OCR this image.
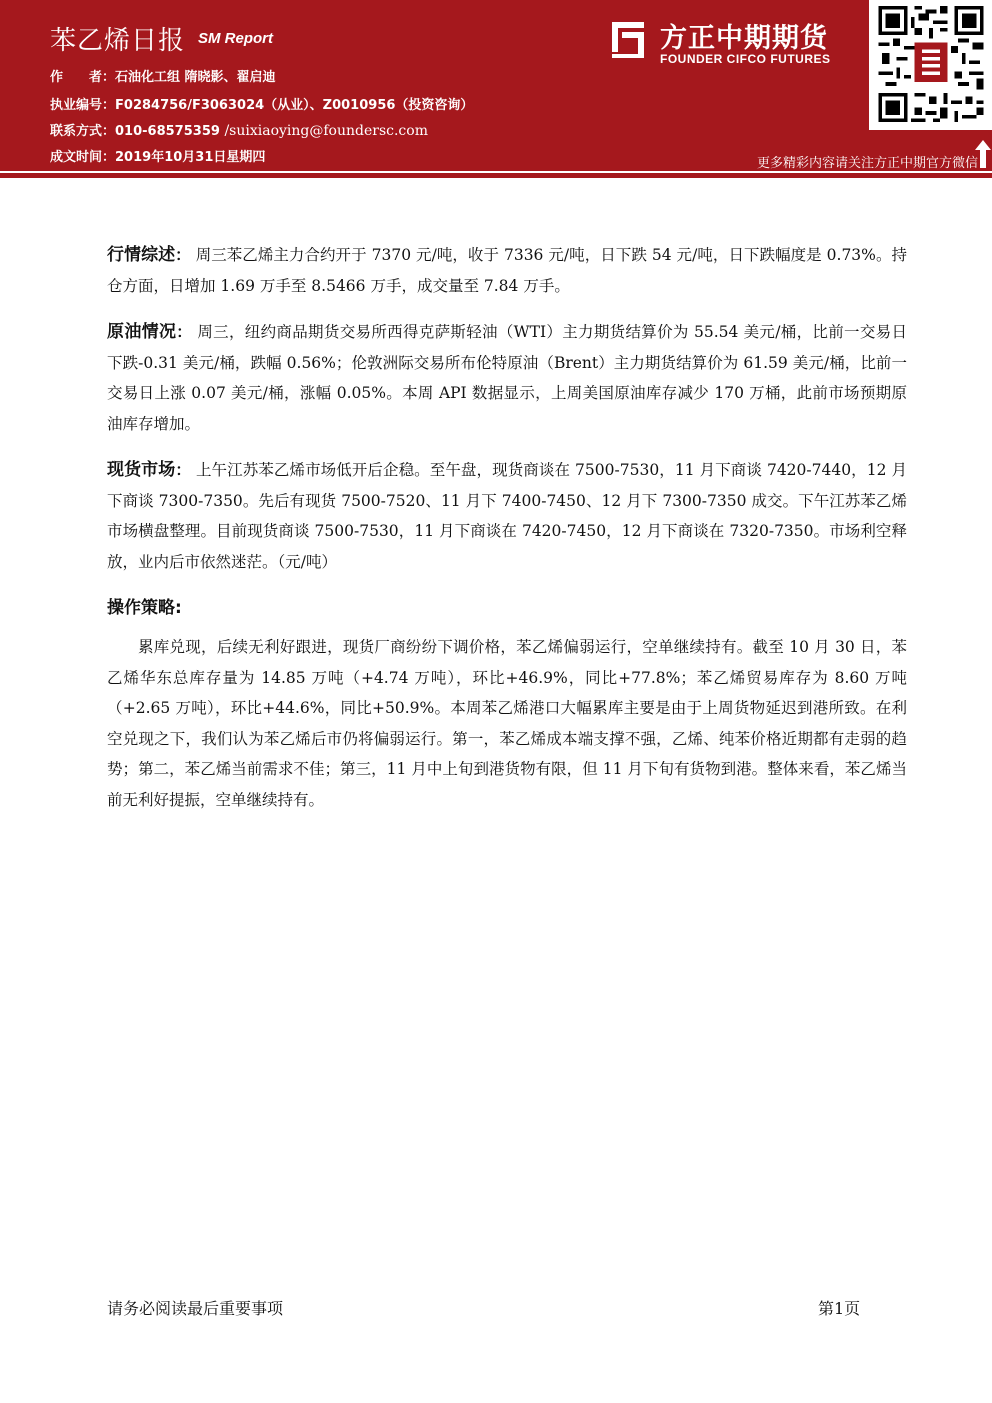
苯乙烯日报 SM Report
作　　者：石油化工组 隋晓影、翟启迪
执业编号：F0284756/F3063024（从业）、Z0010956（投资咨询）
联系方式：010-68575359 /suixiaoying@foundersc.com
成文时间：2019年10月31日星期四
方正中期期货
FOUNDER CIFCO FUTURES
更多精彩内容请关注方正中期官方微信

行情综述： 周三苯乙烯主力合约开于 7370 元/吨，收于 7336 元/吨，日下跌 54 元/吨，日下跌幅度是 0.73%。持仓方面，日增加 1.69 万手至 8.5466 万手，成交量至 7.84 万手。

原油情况： 周三，纽约商品期货交易所西得克萨斯轻油（WTI）主力期货结算价为 55.54 美元/桶，比前一交易日下跌-0.31 美元/桶，跌幅 0.56%；伦敦洲际交易所布伦特原油（Brent）主力期货结算价为 61.59 美元/桶，比前一交易日上涨 0.07 美元/桶，涨幅 0.05%。本周 API 数据显示，上周美国原油库存减少 170 万桶，此前市场预期原油库存增加。

现货市场： 上午江苏苯乙烯市场低开后企稳。至午盘，现货商谈在 7500-7530，11 月下商谈 7420-7440，12 月下商谈 7300-7350。先后有现货 7500-7520、11 月下 7400-7450、12 月下 7300-7350 成交。下午江苏苯乙烯市场横盘整理。目前现货商谈 7500-7530，11 月下商谈在 7420-7450，12 月下商谈在 7320-7350。市场利空释放，业内后市依然迷茫。（元/吨）

操作策略:

累库兑现，后续无利好跟进，现货厂商纷纷下调价格，苯乙烯偏弱运行，空单继续持有。截至 10 月 30 日，苯乙烯华东总库存量为 14.85 万吨（+4.74 万吨），环比+46.9%，同比+77.8%；苯乙烯贸易库存为 8.60 万吨（+2.65 万吨），环比+44.6%，同比+50.9%。本周苯乙烯港口大幅累库主要是由于上周货物延迟到港所致。在利空兑现之下，我们认为苯乙烯后市仍将偏弱运行。第一，苯乙烯成本端支撑不强，乙烯、纯苯价格近期都有走弱的趋势；第二，苯乙烯当前需求不佳；第三，11 月中上旬到港货物有限，但 11 月下旬有货物到港。整体来看，苯乙烯当前无利好提振，空单继续持有。

请务必阅读最后重要事项	第1页
